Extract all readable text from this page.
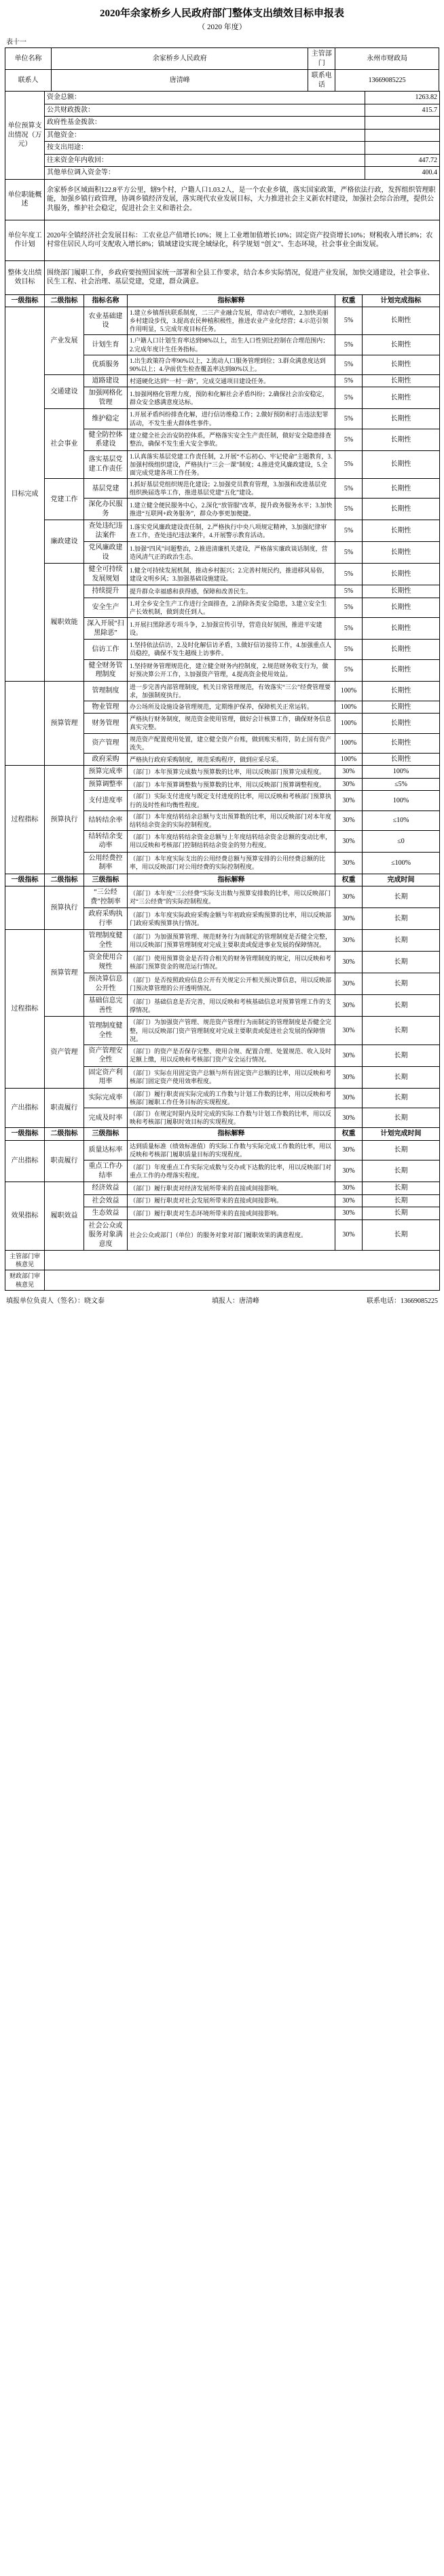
2020年余家桥乡人民政府部门整体支出绩效目标申报表
（ 2020 年度）
表十一
单位名称	余家桥乡人民政府	主管部门	永州市财政局
联系人	唐清峰	联系电话	13669085225
单位预算支出情况（万元）	资金总额：	1263.82
	公共财政拨款：	415.7
	政府性基金拨款：	
	其他资金：	
	按支出用途：	
	往来资金年内收回：	447.72
	其他单位调入资金等：	400.4
单位职能概述	余家桥乡区域面积122.8平方公里，辖9个村，户籍人口1.03.2人，是一个农业乡镇，落实国家政策，严格依法行政，发挥组织管理职能，加强乡镇行政管理，协调乡镇经济发展，落实现代农业发展目标，大力推进社会主义新农村建设，加强社会综合治理，提供公共服务，维护社会稳定，促进社会主义和谐社会。
单位年度工作计划	2020年全镇经济社会发展目标：工农业总产值增长10%；规上工业增加值增长10%；固定资产投资增长10%；财税收入增长8%；农村常住居民人均可支配收入增长8%；镇域建设实现全域绿化，科学规划 “创文”、生态环境，社会事业全面发展。
整体支出绩效目标	围绕部门履职工作，乡政府要按照国家统一部署和全县工作要求，结合本乡实际情况，促进产业发展，加快交通建设，社会事业、民生工程、社会治理、基层党建，党建，群众满意。
一级指标	二级指标	指标名称	指标解释	权重	计划完成指标
目标完成	产业发展	农业基础建设	1.建立乡镇帮扶联系制度，二三产业融合发展，带动农户增收，2.加快美丽乡村建设步伐，3.提高农民种植积极性，推进农业产业化经营；4.示范引领作用明显，5.完成年度目标任务。	5%	长期性
		计划生育	1.户籍人口计划生育率达到98%以上，出生人口性别比控制在合理范围内；2.完成年度计生任务指标。	5%	长期性
		优质服务	1.出生政策符合率90%以上，2.流动人口服务管理到位；3.群众满意度达到90%以上；4.孕前优生检查覆盖率达到80%以上。	5%	长期性
	交通建设	道路建设	村道硬化达到“一村一路”，完成交通项目建设任务。	5%	长期性
		加强网格化管理	1.加强网格化管理力度，预防和化解社会矛盾纠纷；2.确保社会治安稳定，群众安全感满意度达标。	5%	长期性
	社会事业	维护稳定	1.开展矛盾纠纷排查化解，进行信访维稳工作；2.做好预防和打击违法犯罪活动，不发生重大群体性事件。	5%	长期性
		健全防控体系建设	建立健全社会治安防控体系，严格落实安全生产责任制，做好安全隐患排查整治，确保不发生重大安全事故。	5%	长期性
		落实基层党建工作责任	1.认真落实基层党建工作责任制，2.开展“不忘初心、牢记使命”主题教育，3.加强村级组织建设，严格执行“三会一课”制度；4.推进党风廉政建设，5.全面完成党建各项工作任务。	5%	长期性
	党建工作	基层党建	1.抓好基层党组织规范化建设；2.加强党员教育管理，3.加强和改进基层党组织换届选举工作，推进基层党建“五化”建设。	5%	长期性
		深化办民服务	1.建立健全便民服务中心，2.深化“放管服”改革，提升政务服务水平；3.加快推进“互联网+政务服务”，群众办事更加便捷。	5%	长期性
	廉政建设	查处违纪违法案件	1.落实党风廉政建设责任制，2.严格执行中央八项规定精神，3.加强纪律审查工作，查处违纪违法案件，4.开展警示教育活动。	5%	长期性
		党风廉政建设	1.加强“四风”问题整治，2.推进清廉机关建设，严格落实廉政谈话制度，营造风清气正的政治生态。	5%	长期性
	履职效能	健全可持续发展规划	1.健全可持续发展机制，推动乡村振兴；2.完善村规民约，推进移风易俗，建设文明乡风；3.加强基础设施建设。	5%	长期性
		持续提升	提升群众幸福感和获得感，保障和改善民生。	5%	长期性
		安全生产	1.对全乡安全生产工作进行全面排查，2.消除各类安全隐患，3.建立安全生产长效机制，做到责任到人。	5%	长期性
		深入开展“扫黑除恶”	1.开展扫黑除恶专项斗争，2.加强宣传引导，营造良好氛围，推进平安建设。	5%	长期性
		信访工作	1.坚持依法信访，2.及时化解信访矛盾，3.做好信访接待工作，4.加强重点人员稳控，确保不发生越级上访事件。	5%	长期性
		健全财务管理制度	1.坚持财务管理规范化，建立健全财务内控制度，2.规范财务收支行为，做好预决算公开工作，3.加强资产管理，4.提高资金使用效益。	5%	长期性
	预算管理	管理制度	进一步完善内部管理制度，机关日常管理规范，有效落实“三公”经费管理要求，加强制度执行。	100%	长期性
		物业管理	办公场所及设施设备管理规范，定期维护保养，保障机关正常运转。	100%	长期性
		财务管理	严格执行财务制度，规范资金使用管理，做好会计核算工作，确保财务信息真实完整。	100%	长期性
		资产管理	规范资产配置使用处置，建立健全资产台账，做到账实相符，防止国有资产流失。	100%	长期性
		政府采购	严格执行政府采购制度，规范采购程序，做到应采尽采。	100%	长期性
过程指标	预算执行	预算完成率	（部门）本年预算完成数与预算数的比率，用以反映部门预算完成程度。	30%	100%
		预算调整率	（部门）本年预算调整数与预算数的比率，用以反映部门预算调整程度。	30%	≤5%
		支付进度率	（部门）实际支付进度与既定支付进度的比率，用以反映和考核部门预算执行的及时性和均衡性程度。	30%	100%
		结转结余率	（部门）本年度结转结余总额与支出预算数的比率，用以反映部门对本年度结转结余资金的实际控制程度。	30%	≤10%
		结转结余变动率	（部门）本年度结转结余资金总额与上年度结转结余资金总额的变动比率，用以反映和考核部门控制结转结余资金的努力程度。	30%	≤0
		公用经费控制率	（部门）本年度实际支出的公用经费总额与预算安排的公用经费总额的比率，用以反映部门对公用经费的实际控制程度。	30%	≤100%
一级指标	二级指标	三级指标	指标解释	权重	完成时间
	预算执行	“三公经费”控制率	（部门）本年度“三公经费”实际支出数与预算安排数的比率，用以反映部门对“三公经费”的实际控制程度。	30%	长期
		政府采购执行率	（部门）本年度实际政府采购金额与年初政府采购预算的比率，用以反映部门政府采购预算执行情况。	30%	长期
过程指标	预算管理	管理制度健全性	（部门）为加强预算管理、规范财务行为而制定的管理制度是否健全完整，用以反映部门预算管理制度对完成主要职责或促进事业发展的保障情况。	30%	长期
		资金使用合规性	（部门）使用预算资金是否符合相关的财务管理制度的规定，用以反映和考核部门预算资金的规范运行情况。	30%	长期
		预决算信息公开性	（部门）是否按照政府信息公开有关规定公开相关预决算信息，用以反映部门预决算管理的公开透明情况。	30%	长期
		基础信息完善性	（部门）基础信息是否完善，用以反映和考核基础信息对预算管理工作的支撑情况。	30%	长期
	资产管理	管理制度健全性	（部门）为加强资产管理、规范资产管理行为而制定的管理制度是否健全完整，用以反映部门资产管理制度对完成主要职责或促进社会发展的保障情况。	30%	长期
		资产管理安全性	（部门）的资产是否保存完整、使用合规、配置合理、处置规范、收入及时足额上缴，用以反映和考核部门资产安全运行情况。	30%	长期
		固定资产利用率	（部门）实际在用固定资产总额与所有固定资产总额的比率，用以反映和考核部门固定资产使用效率程度。	30%	长期
产出指标	职责履行	实际完成率	（部门）履行职责而实际完成的工作数与计划工作数的比率，用以反映和考核部门履职工作任务目标的实现程度。	30%	长期
		完成及时率	（部门）在规定时限内及时完成的实际工作数与计划工作数的比率，用以反映和考核部门履职时效目标的实现程度。	30%	长期
一级指标	二级指标	三级指标	指标解释	权重	计划完成时间
产出指标	职责履行	质量达标率	达到质量标准（绩效标准值）的实际工作数与实际完成工作数的比率，用以反映和考核部门履职质量目标的实现程度。	30%	长期
		重点工作办结率	（部门）年度重点工作实际完成数与交办或下达数的比率，用以反映部门对重点工作的办理落实程度。	30%	长期
效果指标	履职效益	经济效益	（部门）履行职责对经济发展所带来的直接或间接影响。	30%	长期
		社会效益	（部门）履行职责对社会发展所带来的直接或间接影响。	30%	长期
		生态效益	（部门）履行职责对生态环境所带来的直接或间接影响。	30%	长期
		社会公众或服务对象满意度	社会公众或部门（单位）的服务对象对部门履职效果的满意程度。	30%	长期
主管部门审核意见	
财政部门审核意见	
填报单位负责人（签名）：晓文泰	填报人：唐清峰	联系电话：13669085225
